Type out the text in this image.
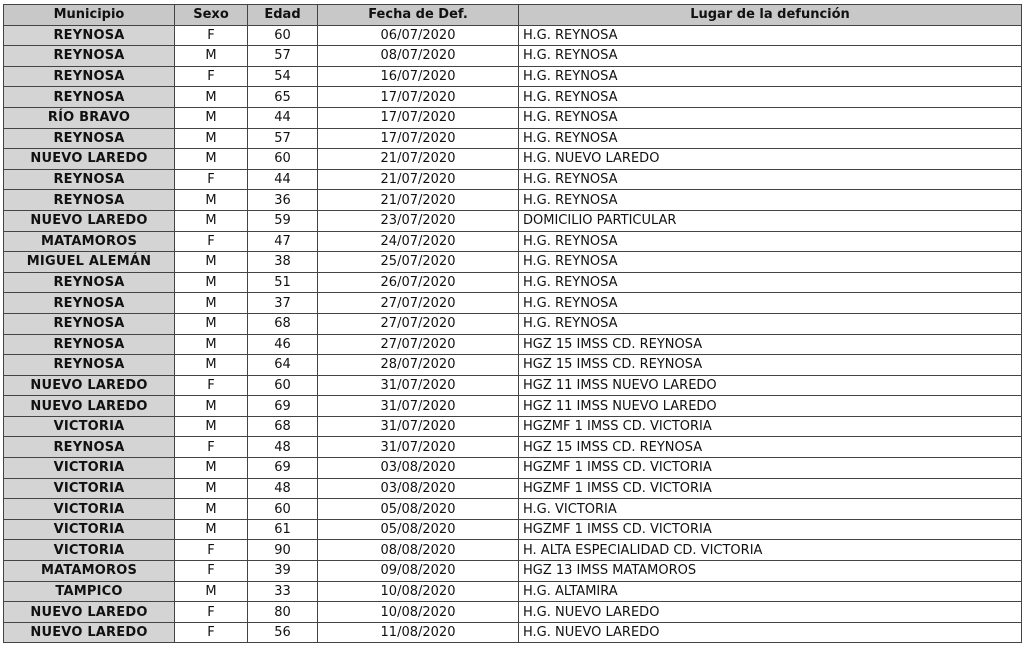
Municipio	Sexo	Edad	Fecha de Def.	Lugar de la defunción
REYNOSA	F	60	06/07/2020	H.G. REYNOSA
REYNOSA	M	57	08/07/2020	H.G. REYNOSA
REYNOSA	F	54	16/07/2020	H.G. REYNOSA
REYNOSA	M	65	17/07/2020	H.G. REYNOSA
RÍO BRAVO	M	44	17/07/2020	H.G. REYNOSA
REYNOSA	M	57	17/07/2020	H.G. REYNOSA
NUEVO LAREDO	M	60	21/07/2020	H.G. NUEVO LAREDO
REYNOSA	F	44	21/07/2020	H.G. REYNOSA
REYNOSA	M	36	21/07/2020	H.G. REYNOSA
NUEVO LAREDO	M	59	23/07/2020	DOMICILIO PARTICULAR
MATAMOROS	F	47	24/07/2020	H.G. REYNOSA
MIGUEL ALEMÁN	M	38	25/07/2020	H.G. REYNOSA
REYNOSA	M	51	26/07/2020	H.G. REYNOSA
REYNOSA	M	37	27/07/2020	H.G. REYNOSA
REYNOSA	M	68	27/07/2020	H.G. REYNOSA
REYNOSA	M	46	27/07/2020	HGZ 15 IMSS CD. REYNOSA
REYNOSA	M	64	28/07/2020	HGZ 15 IMSS CD. REYNOSA
NUEVO LAREDO	F	60	31/07/2020	HGZ 11 IMSS NUEVO LAREDO
NUEVO LAREDO	M	69	31/07/2020	HGZ 11 IMSS NUEVO LAREDO
VICTORIA	M	68	31/07/2020	HGZMF 1 IMSS CD. VICTORIA
REYNOSA	F	48	31/07/2020	HGZ 15 IMSS CD. REYNOSA
VICTORIA	M	69	03/08/2020	HGZMF 1 IMSS CD. VICTORIA
VICTORIA	M	48	03/08/2020	HGZMF 1 IMSS CD. VICTORIA
VICTORIA	M	60	05/08/2020	H.G. VICTORIA
VICTORIA	M	61	05/08/2020	HGZMF 1 IMSS CD. VICTORIA
VICTORIA	F	90	08/08/2020	H. ALTA ESPECIALIDAD CD. VICTORIA
MATAMOROS	F	39	09/08/2020	HGZ 13 IMSS MATAMOROS
TAMPICO	M	33	10/08/2020	H.G. ALTAMIRA
NUEVO LAREDO	F	80	10/08/2020	H.G. NUEVO LAREDO
NUEVO LAREDO	F	56	11/08/2020	H.G. NUEVO LAREDO
